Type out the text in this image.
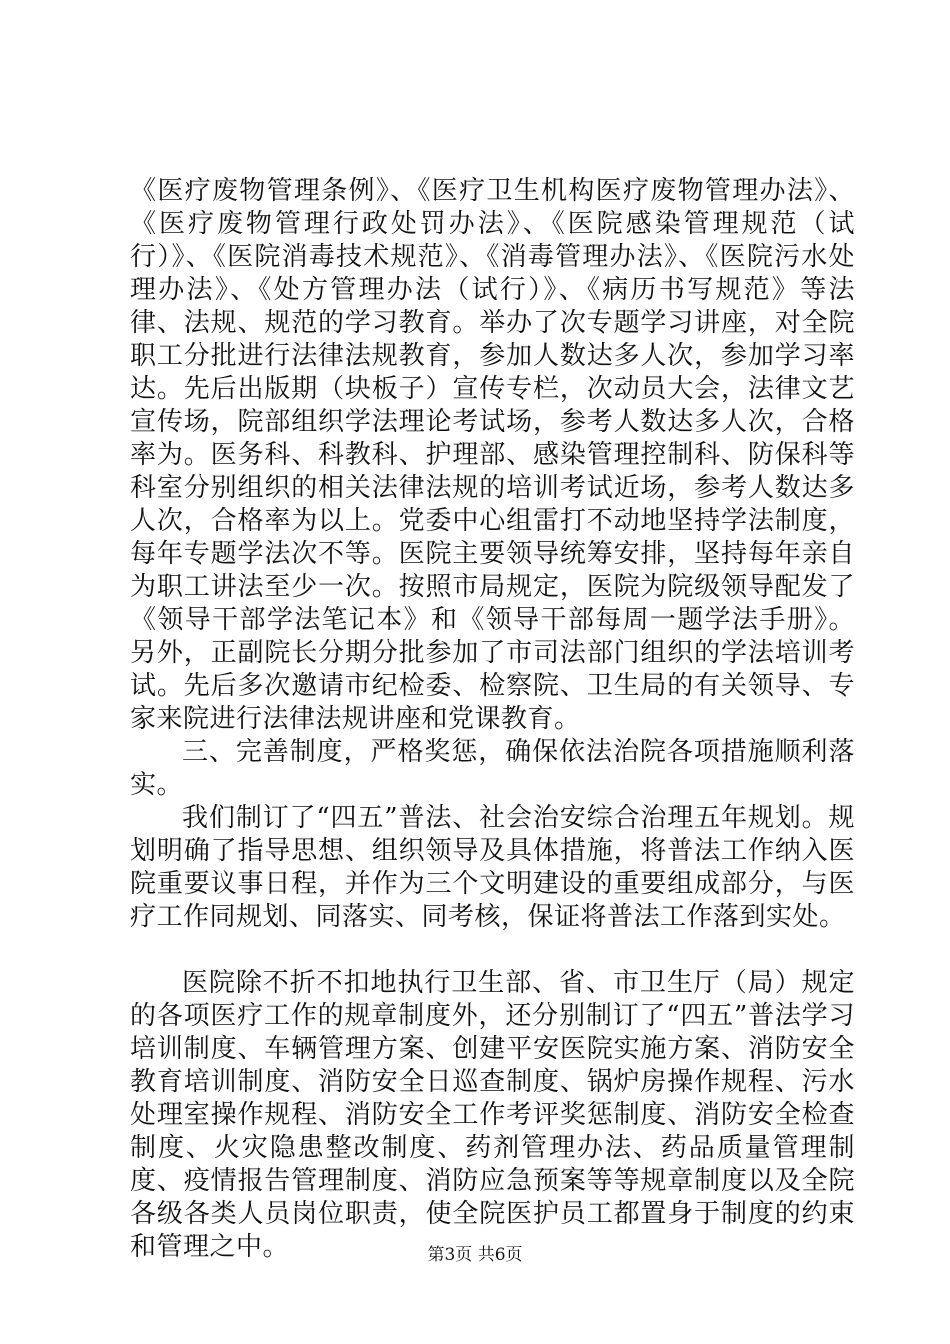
《医疗废物管理条例》、《医疗卫生机构医疗废物管理办法》、《医疗废物管理行政处罚办法》、《医院感染管理规范（试行）》、《医院消毒技术规范》、《消毒管理办法》、《医院污水处理办法》、《处方管理办法（试行）》、《病历书写规范》等法律、法规、规范的学习教育。举办了次专题学习讲座，对全院职工分批进行法律法规教育，参加人数达多人次，参加学习率达。先后出版期（块板子）宣传专栏，次动员大会，法律文艺宣传场，院部组织学法理论考试场，参考人数达多人次，合格率为。医务科、科教科、护理部、感染管理控制科、防保科等科室分别组织的相关法律法规的培训考试近场，参考人数达多人次，合格率为以上。党委中心组雷打不动地坚持学法制度，每年专题学法次不等。医院主要领导统筹安排，坚持每年亲自为职工讲法至少一次。按照市局规定，医院为院级领导配发了《领导干部学法笔记本》和《领导干部每周一题学法手册》。另外，正副院长分期分批参加了市司法部门组织的学法培训考试。先后多次邀请市纪检委、检察院、卫生局的有关领导、专家来院进行法律法规讲座和党课教育。

三、完善制度，严格奖惩，确保依法治院各项措施顺利落实。

我们制订了“四五”普法、社会治安综合治理五年规划。规划明确了指导思想、组织领导及具体措施，将普法工作纳入医院重要议事日程，并作为三个文明建设的重要组成部分，与医疗工作同规划、同落实、同考核，保证将普法工作落到实处。

医院除不折不扣地执行卫生部、省、市卫生厅（局）规定的各项医疗工作的规章制度外，还分别制订了“四五”普法学习培训制度、车辆管理方案、创建平安医院实施方案、消防安全教育培训制度、消防安全日巡查制度、锅炉房操作规程、污水处理室操作规程、消防安全工作考评奖惩制度、消防安全检查制度、火灾隐患整改制度、药剂管理办法、药品质量管理制度、疫情报告管理制度、消防应急预案等等规章制度以及全院各级各类人员岗位职责，使全院医护员工都置身于制度的约束和管理之中。	第3页 共6页
